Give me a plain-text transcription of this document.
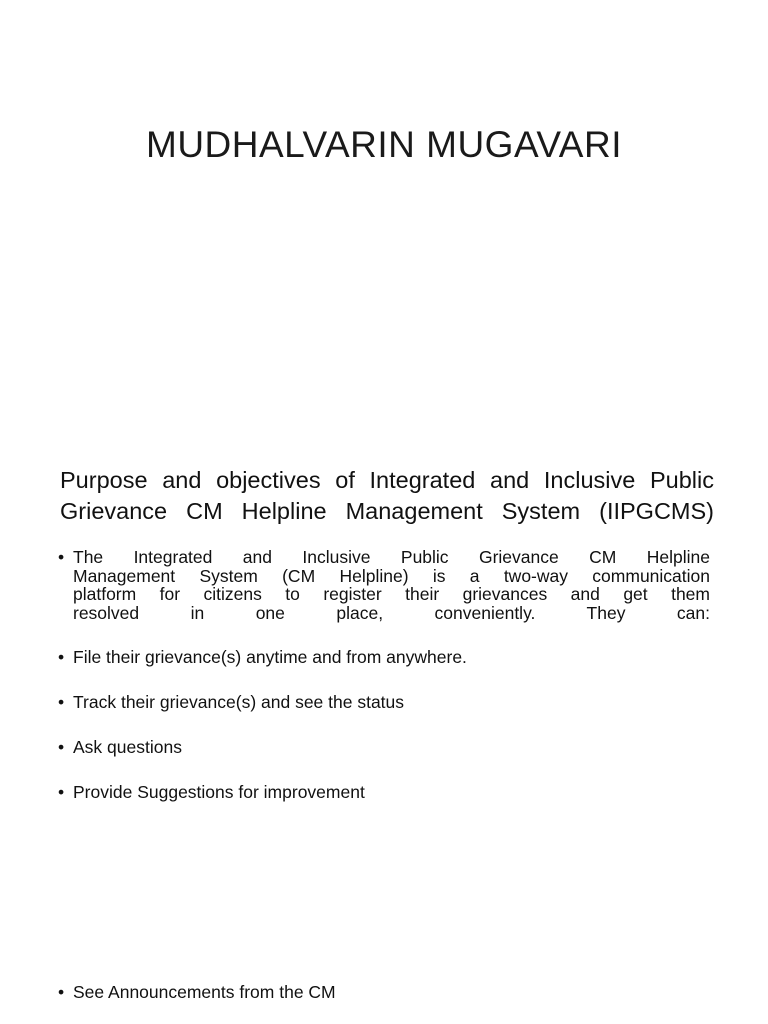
MUDHALVARIN MUGAVARI
Purpose and objectives of Integrated and Inclusive Public
Grievance CM Helpline Management System (IIPGCMS)
• The Integrated and Inclusive Public Grievance CM Helpline
Management System (CM Helpline) is a two-way communication
platform for citizens to register their grievances and get them
resolved in one place, conveniently. They can:
• File their grievance(s) anytime and from anywhere.
• Track their grievance(s) and see the status
• Ask questions
• Provide Suggestions for improvement
• See Announcements from the CM
